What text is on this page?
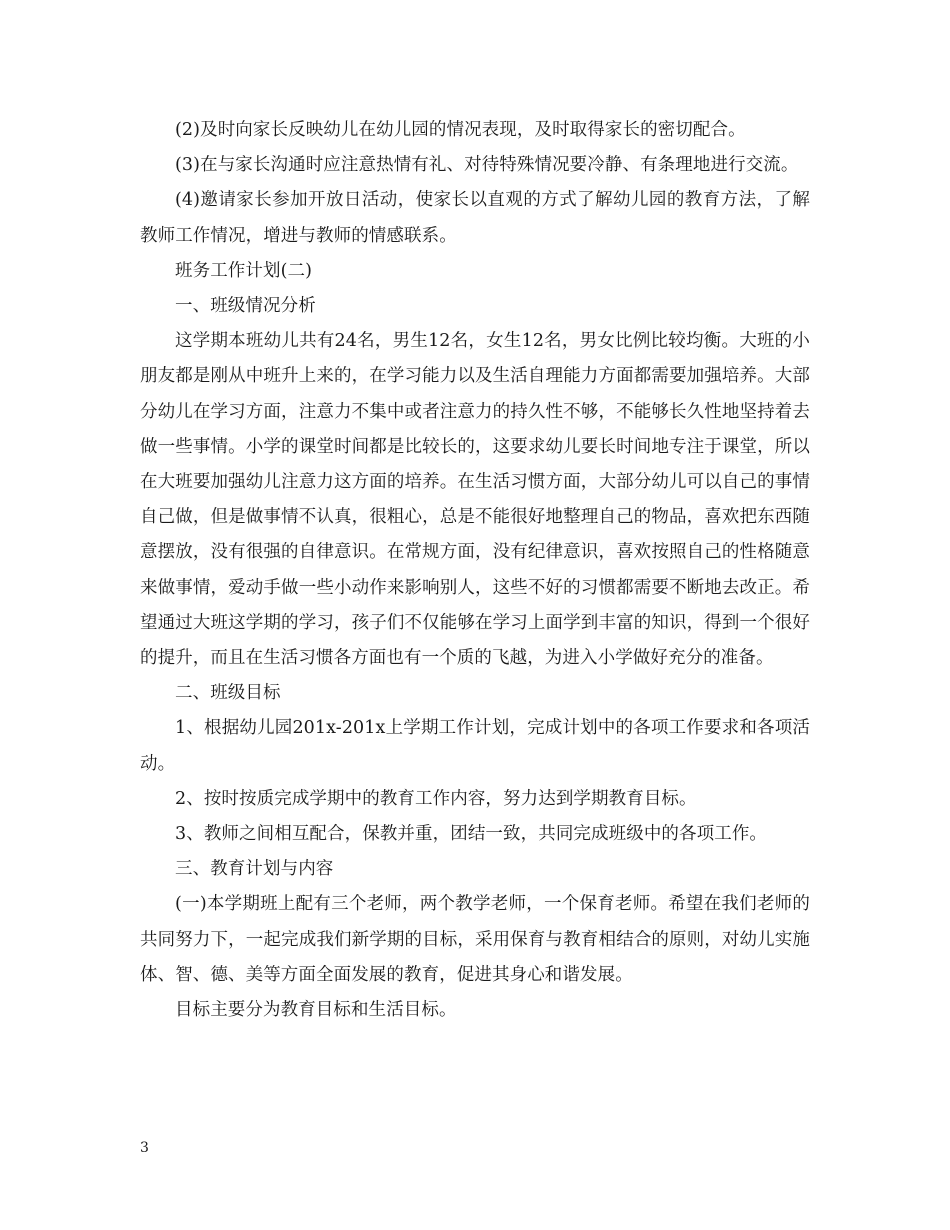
(2)及时向家长反映幼儿在幼儿园的情况表现，及时取得家长的密切配合。

(3)在与家长沟通时应注意热情有礼、对待特殊情况要冷静、有条理地进行交流。

(4)邀请家长参加开放日活动，使家长以直观的方式了解幼儿园的教育方法，了解教师工作情况，增进与教师的情感联系。

班务工作计划(二)

一、班级情况分析

这学期本班幼儿共有24名，男生12名，女生12名，男女比例比较均衡。大班的小朋友都是刚从中班升上来的，在学习能力以及生活自理能力方面都需要加强培养。大部分幼儿在学习方面，注意力不集中或者注意力的持久性不够，不能够长久性地坚持着去做一些事情。小学的课堂时间都是比较长的，这要求幼儿要长时间地专注于课堂，所以在大班要加强幼儿注意力这方面的培养。在生活习惯方面，大部分幼儿可以自己的事情自己做，但是做事情不认真，很粗心，总是不能很好地整理自己的物品，喜欢把东西随意摆放，没有很强的自律意识。在常规方面，没有纪律意识，喜欢按照自己的性格随意来做事情，爱动手做一些小动作来影响别人，这些不好的习惯都需要不断地去改正。希望通过大班这学期的学习，孩子们不仅能够在学习上面学到丰富的知识，得到一个很好的提升，而且在生活习惯各方面也有一个质的飞越，为进入小学做好充分的准备。

二、班级目标

1、根据幼儿园201x-201x上学期工作计划，完成计划中的各项工作要求和各项活动。

2、按时按质完成学期中的教育工作内容，努力达到学期教育目标。

3、教师之间相互配合，保教并重，团结一致，共同完成班级中的各项工作。

三、教育计划与内容

(一)本学期班上配有三个老师，两个教学老师，一个保育老师。希望在我们老师的共同努力下，一起完成我们新学期的目标，采用保育与教育相结合的原则，对幼儿实施体、智、德、美等方面全面发展的教育，促进其身心和谐发展。

目标主要分为教育目标和生活目标。

3
